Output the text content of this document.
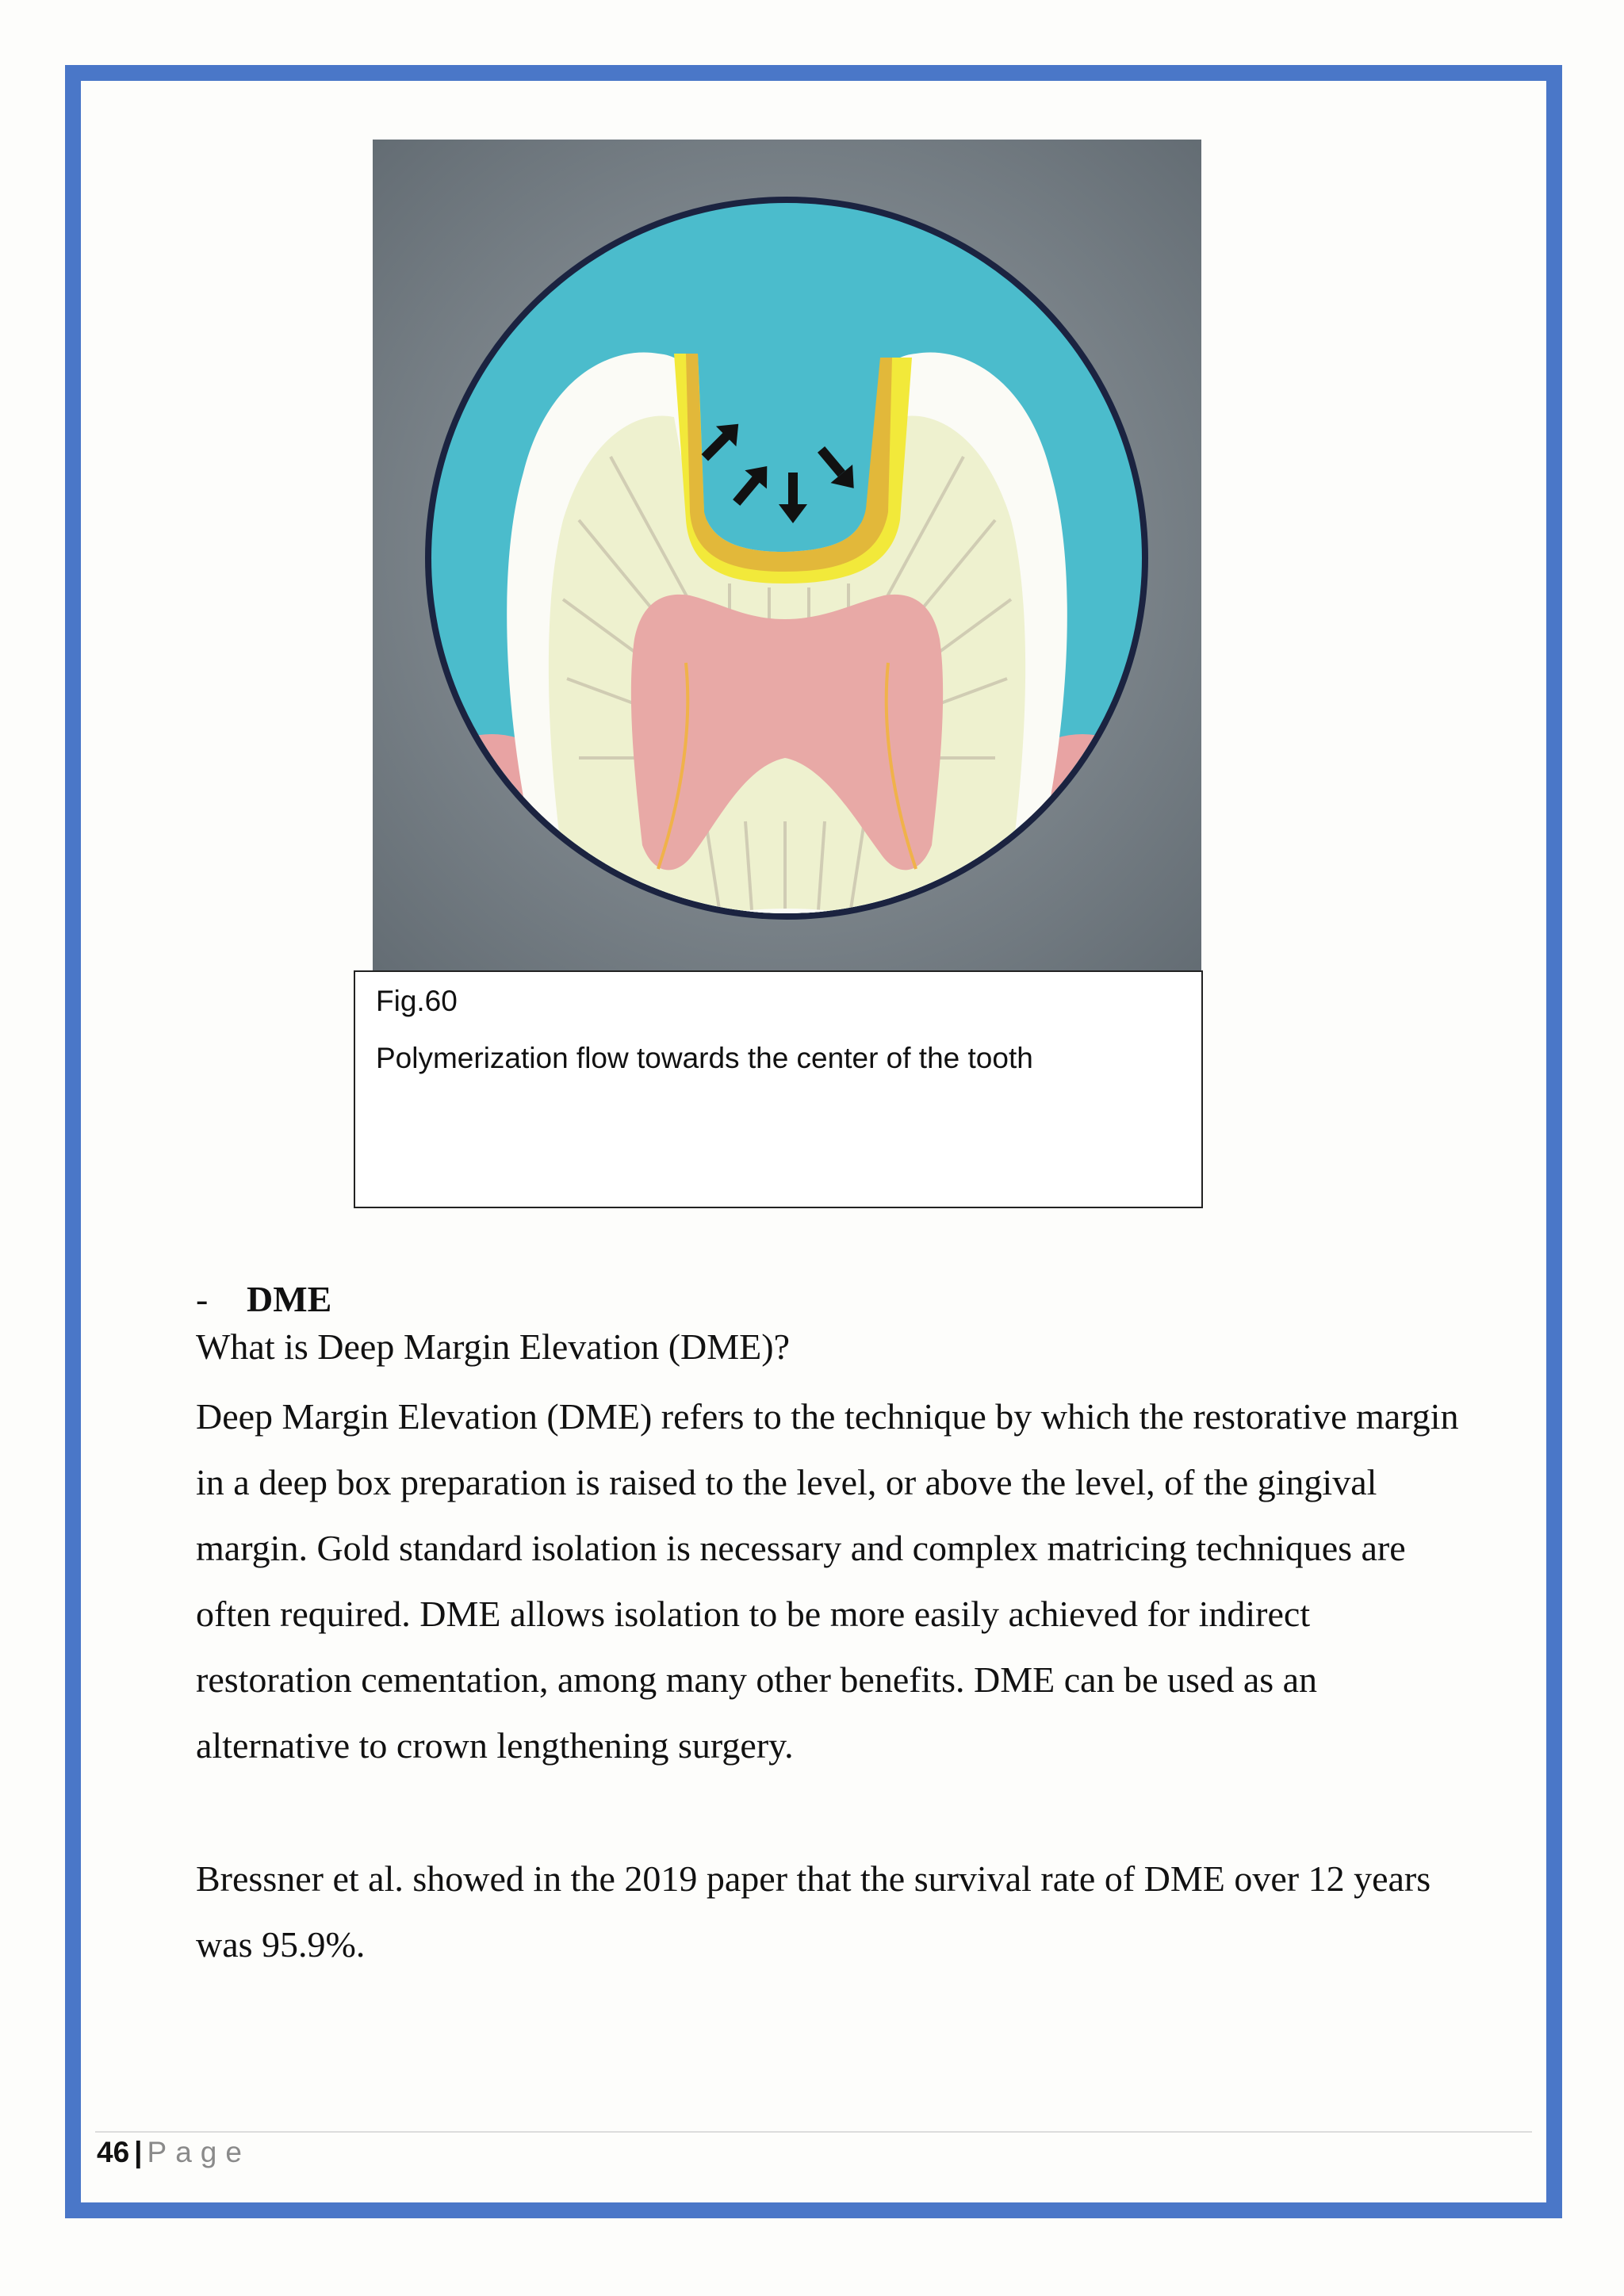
Fig.60
Polymerization flow towards the center of the tooth
- DME
What is Deep Margin Elevation (DME)?
Deep Margin Elevation (DME) refers to the technique by which the restorative margin
in a deep box preparation is raised to the level, or above the level, of the gingival
margin. Gold standard isolation is necessary and complex matricing techniques are
often required. DME allows isolation to be more easily achieved for indirect
restoration cementation, among many other benefits. DME can be used as an
alternative to crown lengthening surgery.
Bressner et al. showed in the 2019 paper that the survival rate of DME over 12 years
was 95.9%.
46 | Page
